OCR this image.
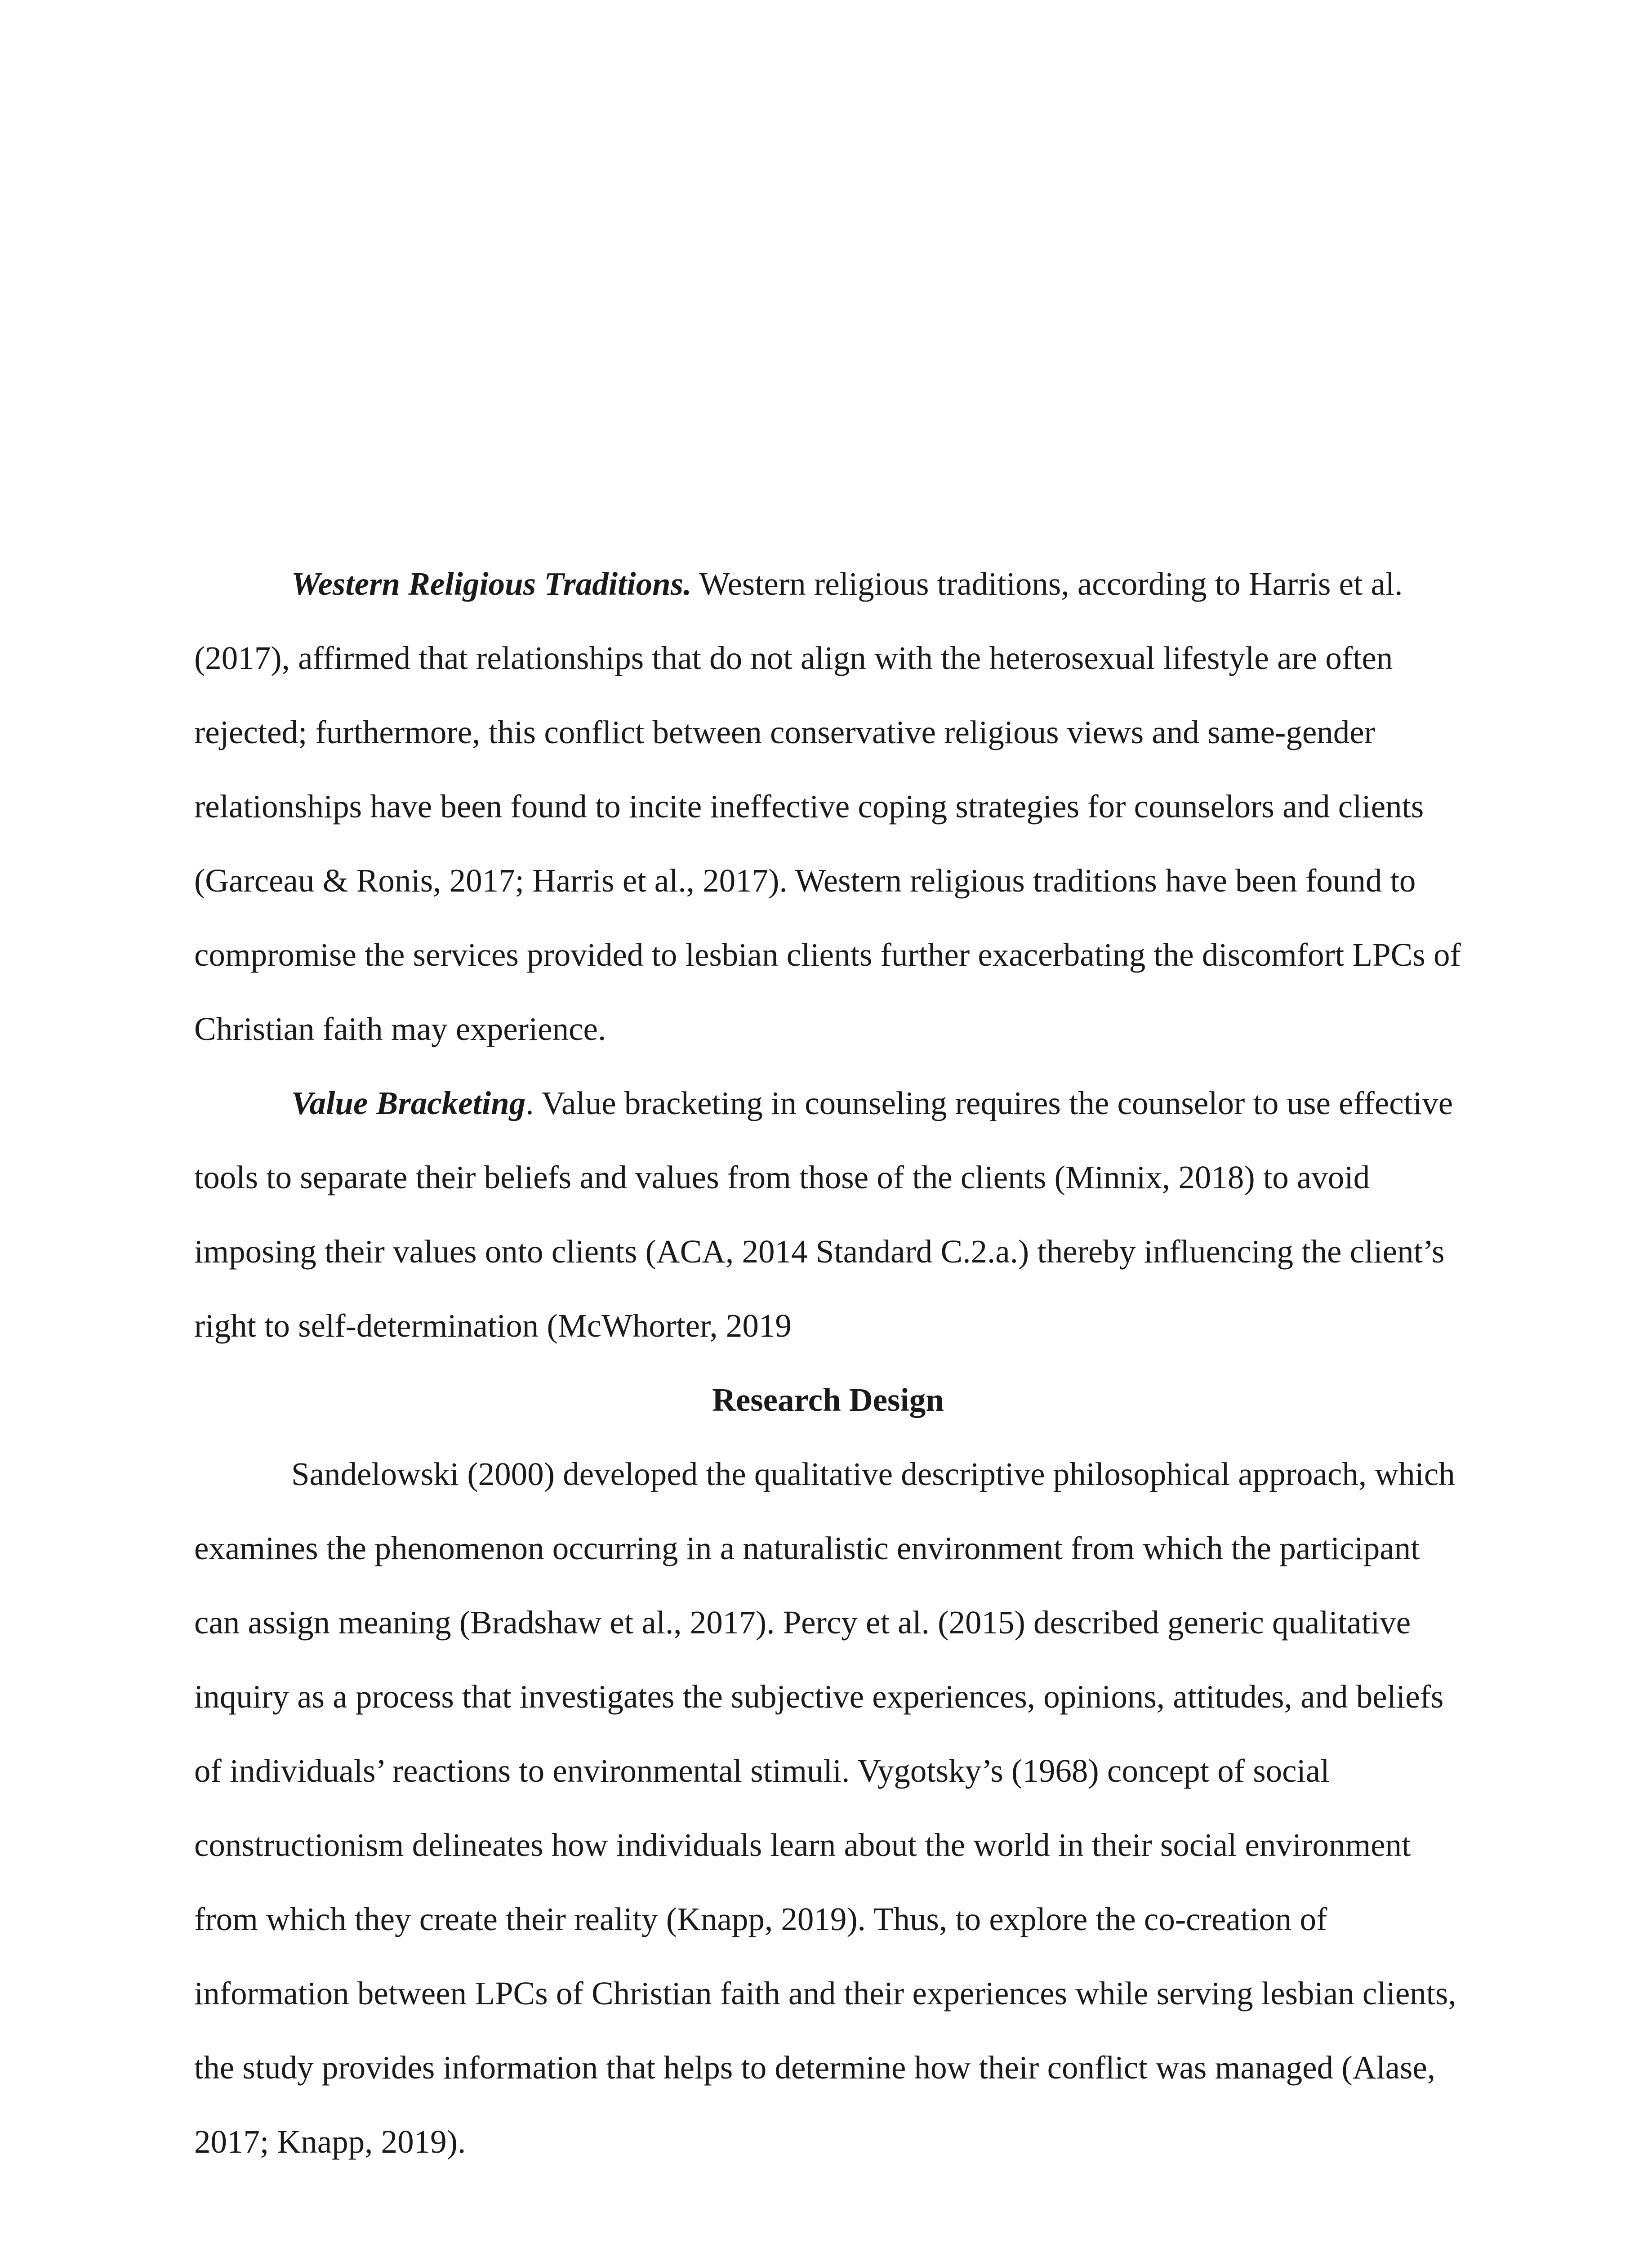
Western Religious Traditions. Western religious traditions, according to Harris et al. (2017), affirmed that relationships that do not align with the heterosexual lifestyle are often rejected; furthermore, this conflict between conservative religious views and same-gender relationships have been found to incite ineffective coping strategies for counselors and clients (Garceau & Ronis, 2017; Harris et al., 2017). Western religious traditions have been found to compromise the services provided to lesbian clients further exacerbating the discomfort LPCs of Christian faith may experience.

Value Bracketing. Value bracketing in counseling requires the counselor to use effective tools to separate their beliefs and values from those of the clients (Minnix, 2018) to avoid imposing their values onto clients (ACA, 2014 Standard C.2.a.) thereby influencing the client’s right to self-determination (McWhorter, 2019

Research Design

Sandelowski (2000) developed the qualitative descriptive philosophical approach, which examines the phenomenon occurring in a naturalistic environment from which the participant can assign meaning (Bradshaw et al., 2017). Percy et al. (2015) described generic qualitative inquiry as a process that investigates the subjective experiences, opinions, attitudes, and beliefs of individuals’ reactions to environmental stimuli. Vygotsky’s (1968) concept of social constructionism delineates how individuals learn about the world in their social environment from which they create their reality (Knapp, 2019). Thus, to explore the co-creation of information between LPCs of Christian faith and their experiences while serving lesbian clients, the study provides information that helps to determine how their conflict was managed (Alase, 2017; Knapp, 2019).
